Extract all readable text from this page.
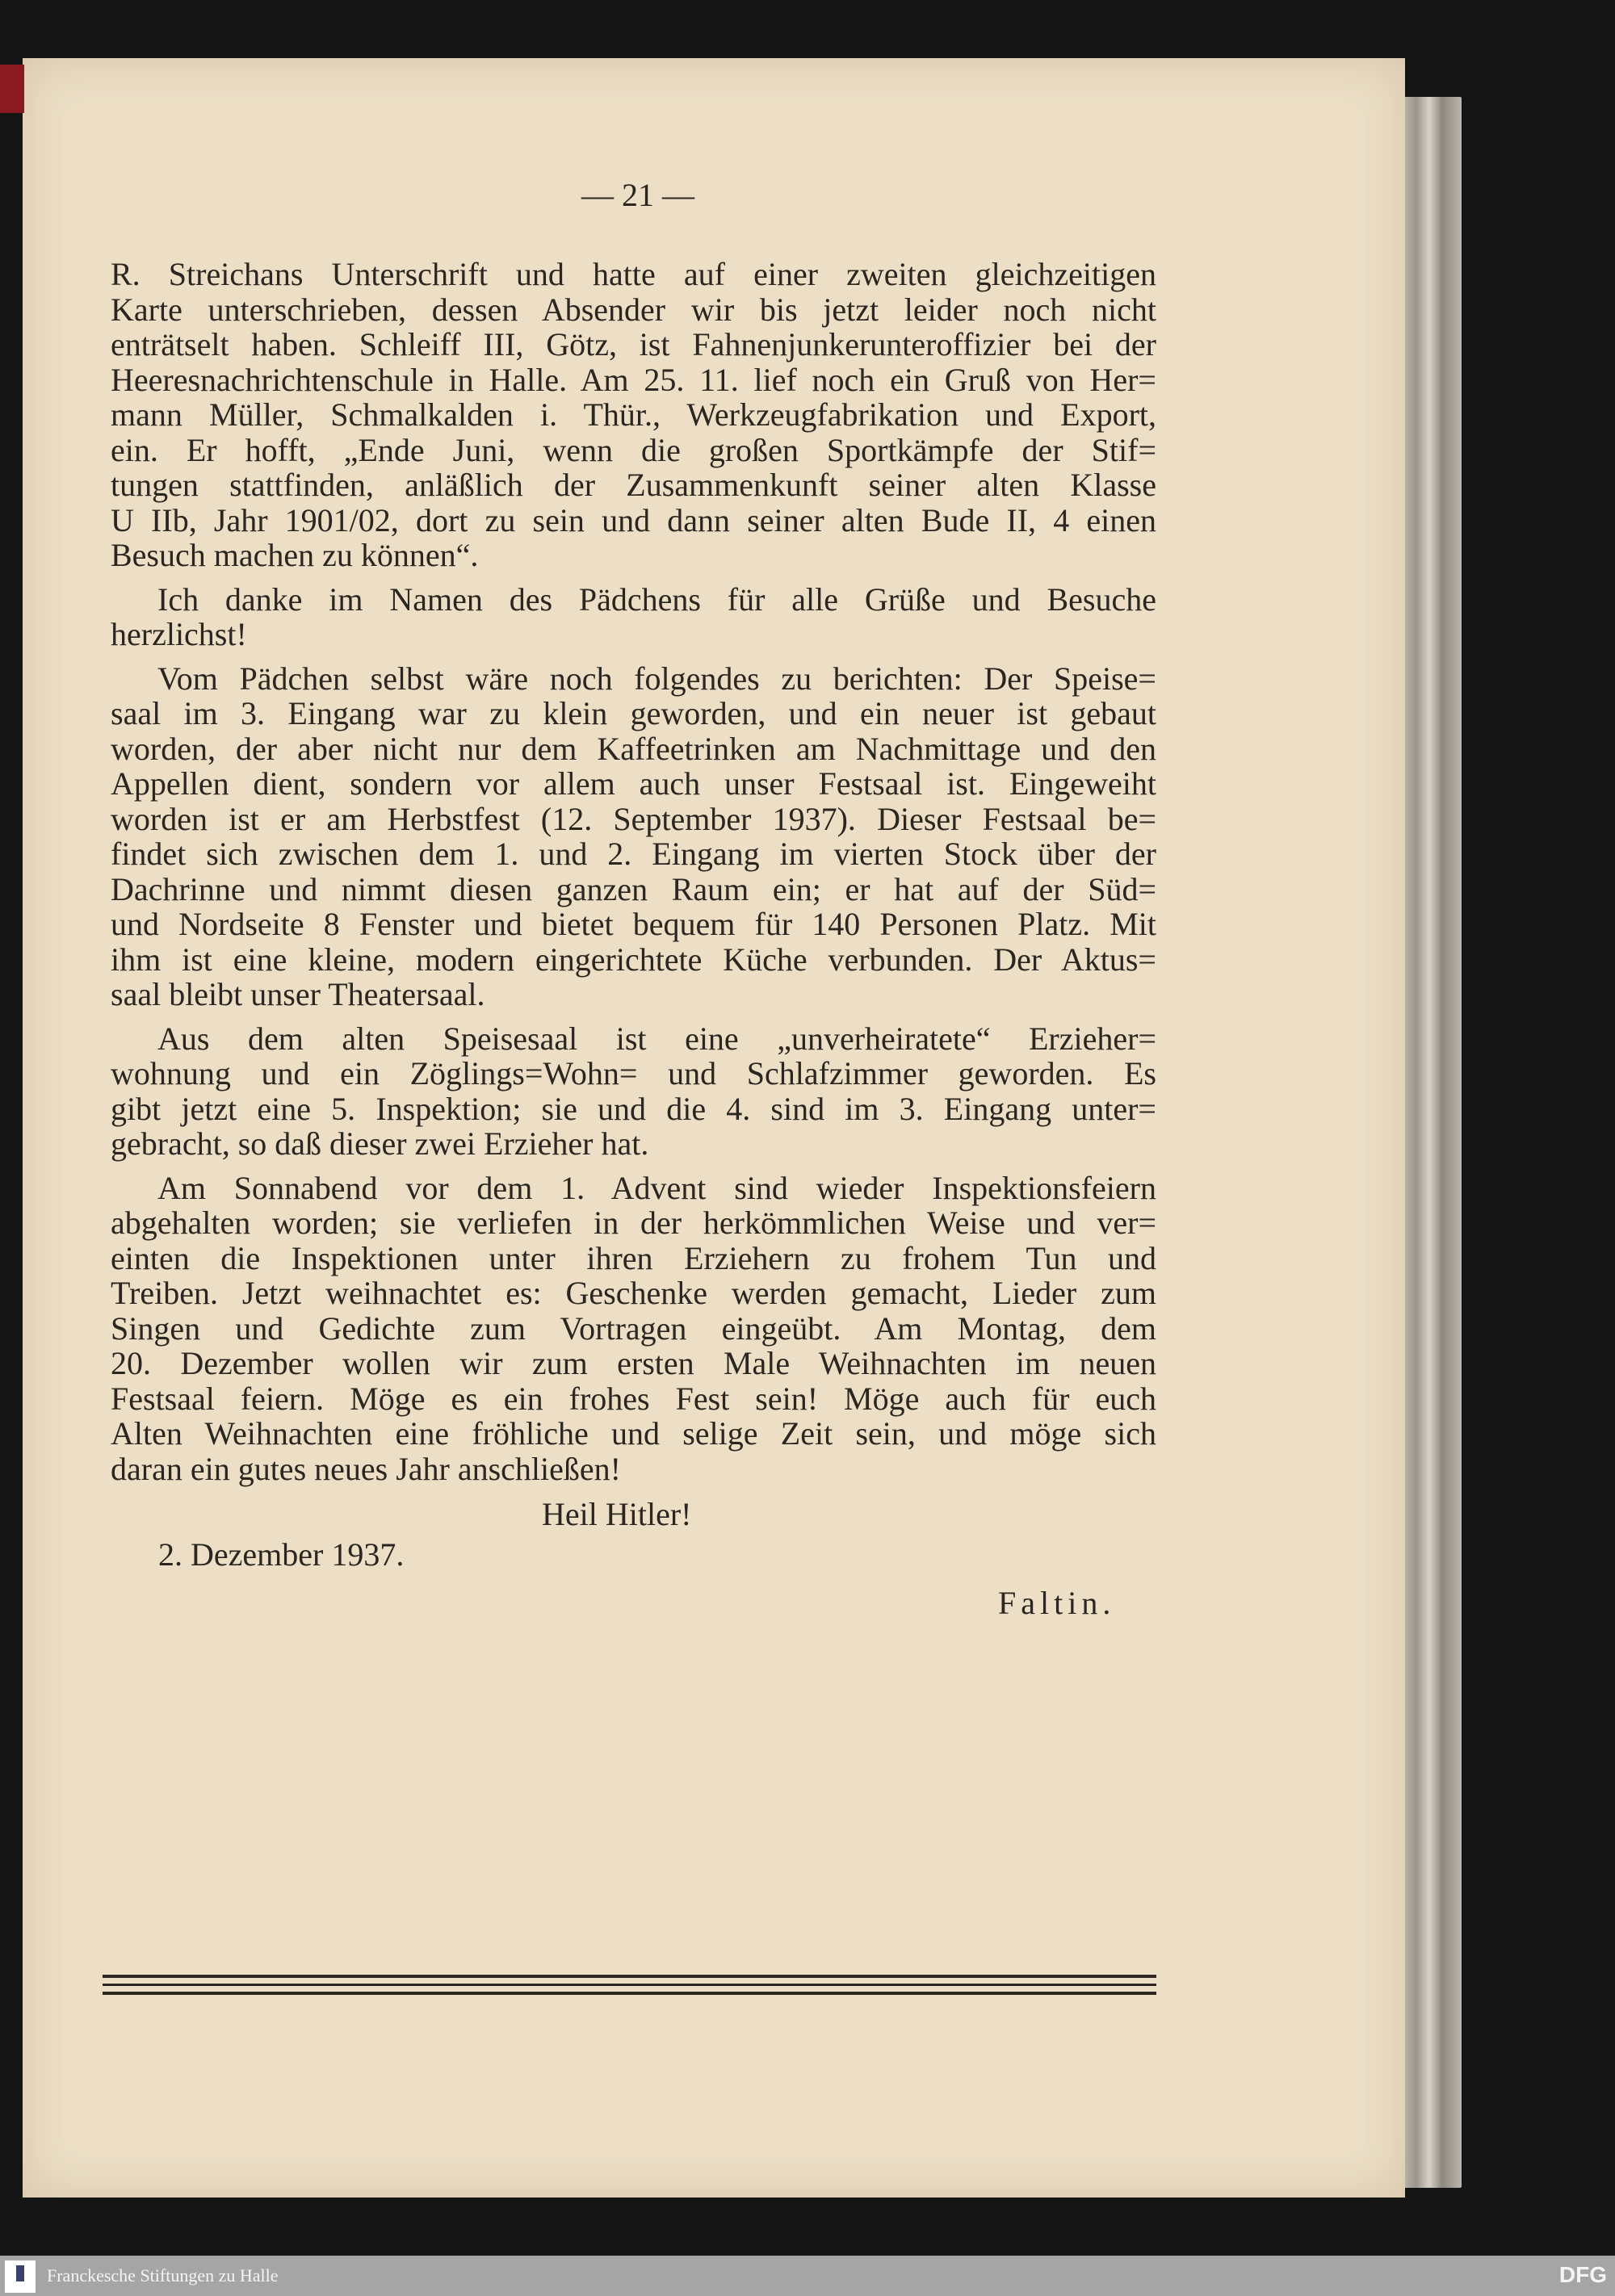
— 21 —
R. Streichans Unterschrift und hatte auf einer zweiten gleichzeitigen
Karte unterschrieben, dessen Absender wir bis jetzt leider noch nicht
enträtselt haben. Schleiff III, Götz, ist Fahnenjunkerunteroffizier bei der
Heeresnachrichtenschule in Halle. Am 25. 11. lief noch ein Gruß von Her=
mann Müller, Schmalkalden i. Thür., Werkzeugfabrikation und Export,
ein. Er hofft, „Ende Juni, wenn die großen Sportkämpfe der Stif=
tungen stattfinden, anläßlich der Zusammenkunft seiner alten Klasse
U IIb, Jahr 1901/02, dort zu sein und dann seiner alten Bude II, 4 einen
Besuch machen zu können“.
Ich danke im Namen des Pädchens für alle Grüße und Besuche
herzlichst!
Vom Pädchen selbst wäre noch folgendes zu berichten: Der Speise=
saal im 3. Eingang war zu klein geworden, und ein neuer ist gebaut
worden, der aber nicht nur dem Kaffeetrinken am Nachmittage und den
Appellen dient, sondern vor allem auch unser Festsaal ist. Eingeweiht
worden ist er am Herbstfest (12. September 1937). Dieser Festsaal be=
findet sich zwischen dem 1. und 2. Eingang im vierten Stock über der
Dachrinne und nimmt diesen ganzen Raum ein; er hat auf der Süd=
und Nordseite 8 Fenster und bietet bequem für 140 Personen Platz. Mit
ihm ist eine kleine, modern eingerichtete Küche verbunden. Der Aktus=
saal bleibt unser Theatersaal.
Aus dem alten Speisesaal ist eine „unverheiratete“ Erzieher=
wohnung und ein Zöglings=Wohn= und Schlafzimmer geworden. Es
gibt jetzt eine 5. Inspektion; sie und die 4. sind im 3. Eingang unter=
gebracht, so daß dieser zwei Erzieher hat.
Am Sonnabend vor dem 1. Advent sind wieder Inspektionsfeiern
abgehalten worden; sie verliefen in der herkömmlichen Weise und ver=
einten die Inspektionen unter ihren Erziehern zu frohem Tun und
Treiben. Jetzt weihnachtet es: Geschenke werden gemacht, Lieder zum
Singen und Gedichte zum Vortragen eingeübt. Am Montag, dem
20. Dezember wollen wir zum ersten Male Weihnachten im neuen
Festsaal feiern. Möge es ein frohes Fest sein! Möge auch für euch
Alten Weihnachten eine fröhliche und selige Zeit sein, und möge sich
daran ein gutes neues Jahr anschließen!
Heil Hitler!
2. Dezember 1937.
Faltin.
Franckesche Stiftungen zu Halle	DFG
